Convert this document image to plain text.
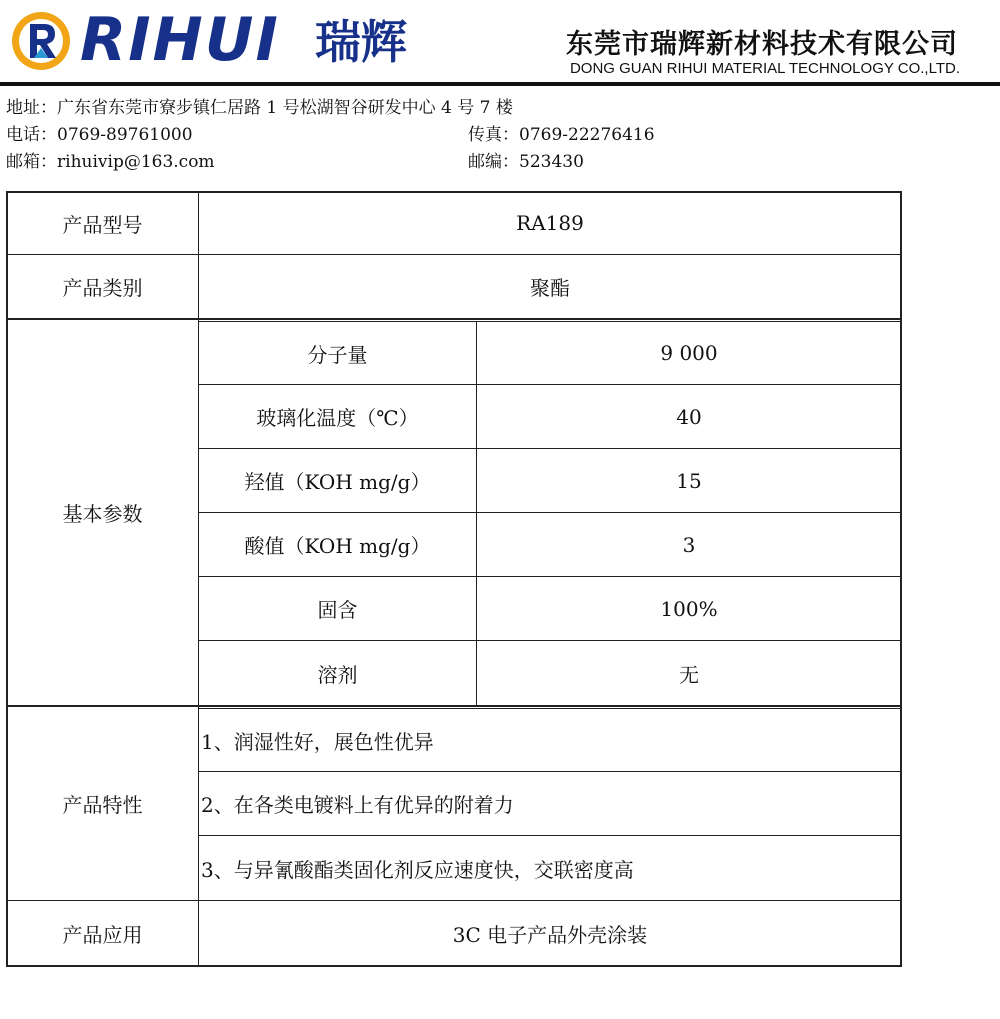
RIHUI 瑞辉	东莞市瑞辉新材料技术有限公司
DONG GUAN RIHUI MATERIAL TECHNOLOGY CO.,LTD.
地址：广东省东莞市寮步镇仁居路 1 号松湖智谷研发中心 4 号 7 楼
电话：0769-89761000	传真：0769-22276416
邮箱：rihuivip@163.com	邮编：523430
产品型号	RA189
产品类别	聚酯
基本参数
分子量	9 000
玻璃化温度（℃）	40
羟值（KOH mg/g）	15
酸值（KOH mg/g）	3
固含	100%
溶剂	无
产品特性
1、润湿性好，展色性优异
2、在各类电镀料上有优异的附着力
3、与异氰酸酯类固化剂反应速度快，交联密度高
产品应用	3C 电子产品外壳涂装
